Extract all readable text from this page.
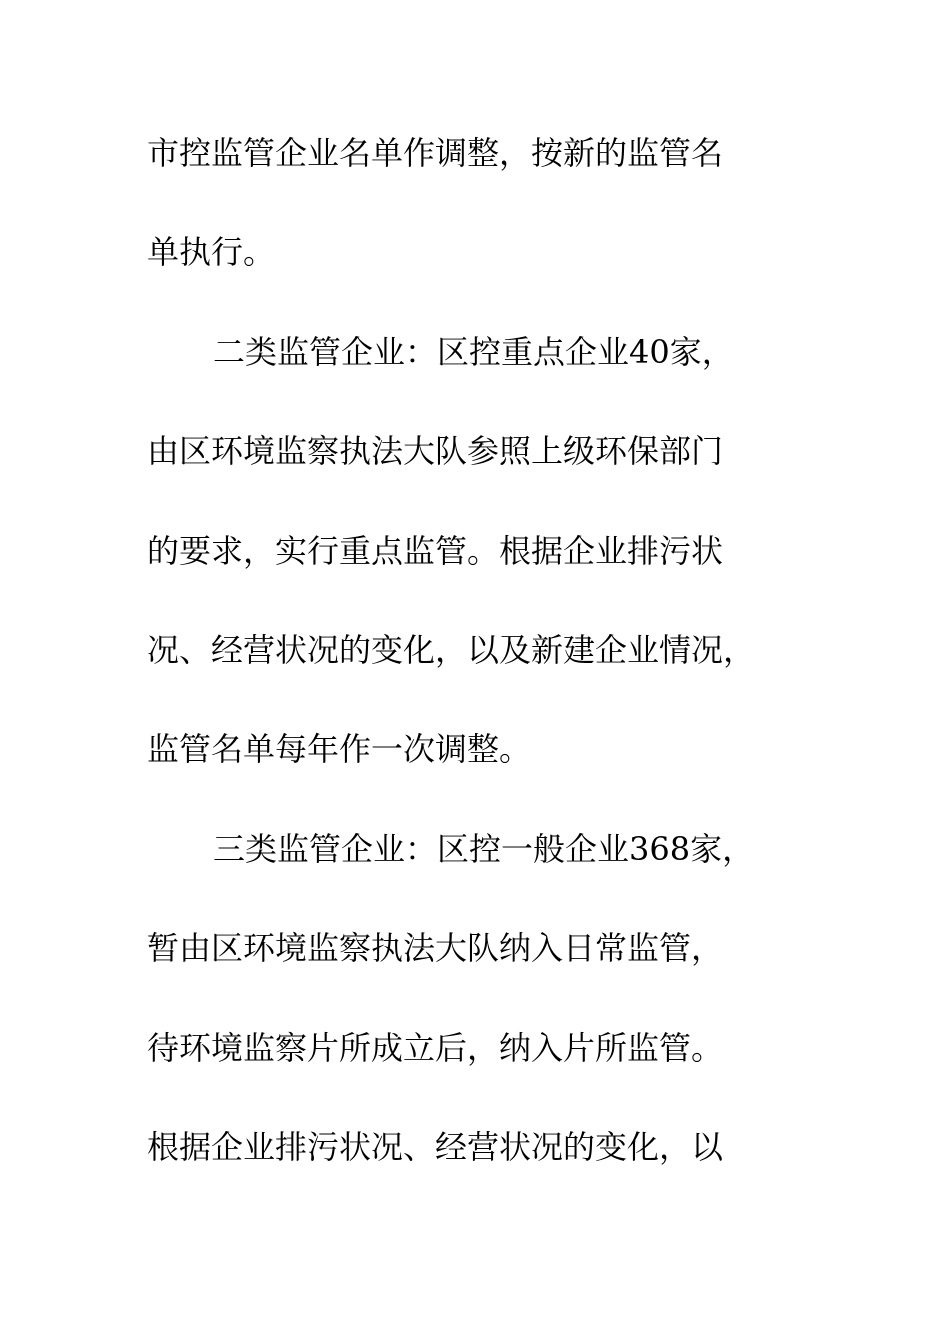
市控监管企业名单作调整，按新的监管名
单执行。
二类监管企业：区控重点企业40家，
由区环境监察执法大队参照上级环保部门
的要求，实行重点监管。根据企业排污状
况、经营状况的变化，以及新建企业情况，
监管名单每年作一次调整。
三类监管企业：区控一般企业368家，
暂由区环境监察执法大队纳入日常监管，
待环境监察片所成立后，纳入片所监管。
根据企业排污状况、经营状况的变化，以
